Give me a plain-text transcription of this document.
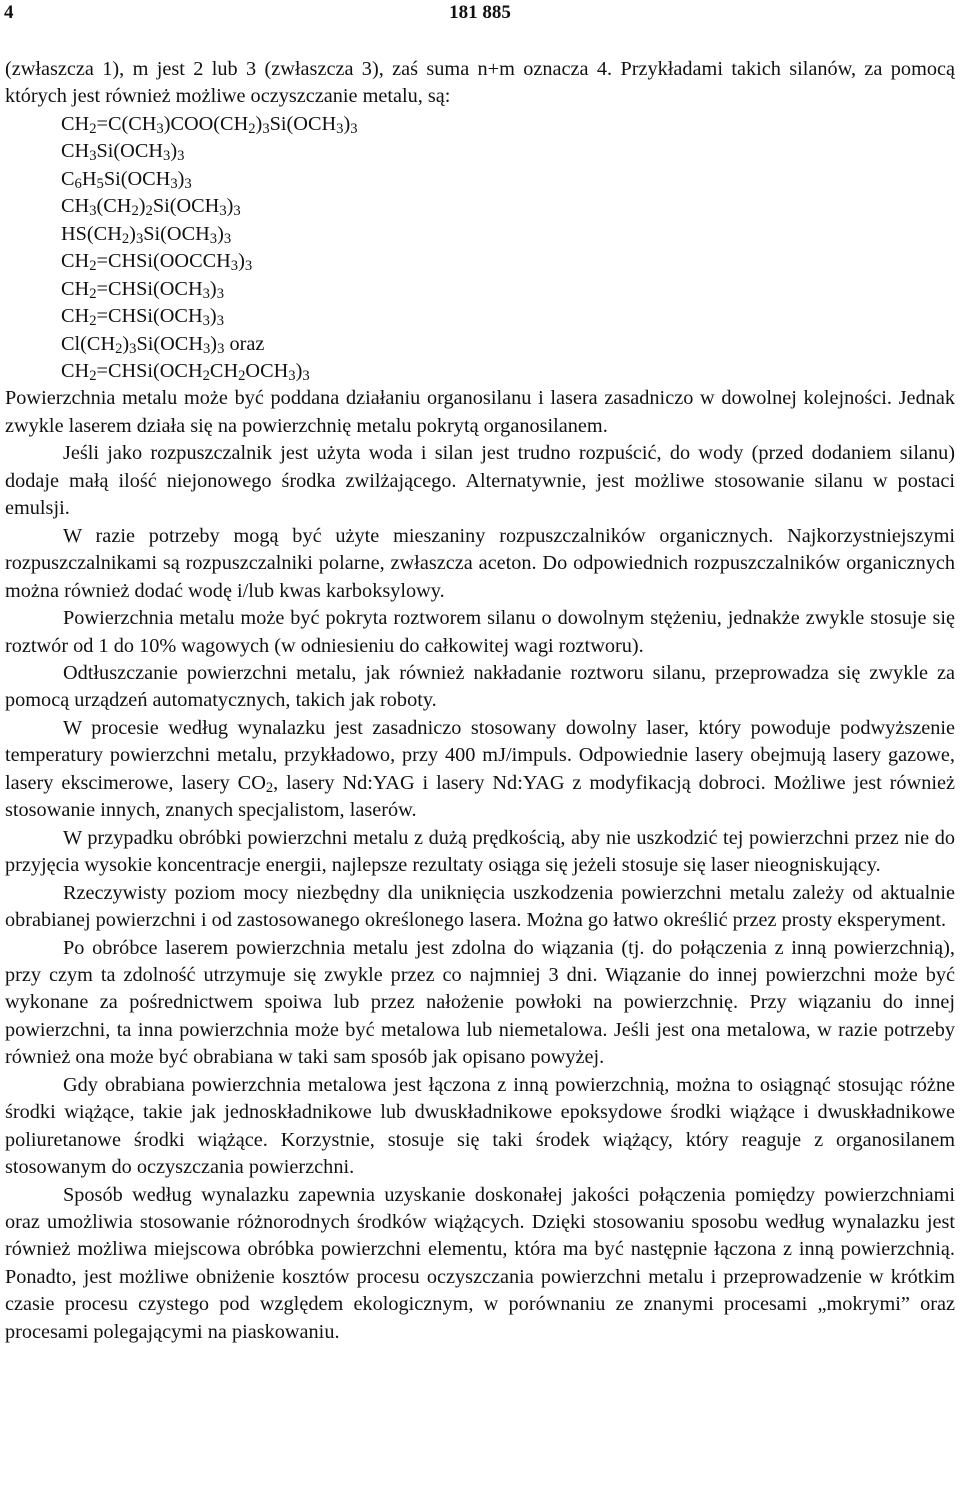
4	181 885

(zwłaszcza 1), m jest 2 lub 3 (zwłaszcza 3), zaś suma n+m oznacza 4. Przykładami takich silanów, za pomocą których jest również możliwe oczyszczanie metalu, są:

$CH_2=C(CH_3)COO(CH_2)_3Si(OCH_3)_3$
$CH_3Si(OCH_3)_3$
$C_6H_5Si(OCH_3)_3$
$CH_3(CH_2)_2Si(OCH_3)_3$
$HS(CH_2)_3Si(OCH_3)_3$
$CH_2=CHSi(OOCCH_3)_3$
$CH_2=CHSi(OCH_3)_3$
$CH_2=CHSi(OCH_3)_3$
$Cl(CH_2)_3Si(OCH_3)_3$ oraz
$CH_2=CHSi(OCH_2CH_2OCH_3)_3$

Powierzchnia metalu może być poddana działaniu organosilanu i lasera zasadniczo w dowolnej kolejności. Jednak zwykle laserem działa się na powierzchnię metalu pokrytą organosilanem.

Jeśli jako rozpuszczalnik jest użyta woda i silan jest trudno rozpuścić, do wody (przed dodaniem silanu) dodaje małą ilość niejonowego środka zwilżającego. Alternatywnie, jest możliwe stosowanie silanu w postaci emulsji.

W razie potrzeby mogą być użyte mieszaniny rozpuszczalników organicznych. Najkorzystniejszymi rozpuszczalnikami są rozpuszczalniki polarne, zwłaszcza aceton. Do odpowiednich rozpuszczalników organicznych można również dodać wodę i/lub kwas karboksylowy.

Powierzchnia metalu może być pokryta roztworem silanu o dowolnym stężeniu, jednakże zwykle stosuje się roztwór od 1 do 10% wagowych (w odniesieniu do całkowitej wagi roztworu).

Odtłuszczanie powierzchni metalu, jak również nakładanie roztworu silanu, przeprowadza się zwykle za pomocą urządzeń automatycznych, takich jak roboty.

W procesie według wynalazku jest zasadniczo stosowany dowolny laser, który powoduje podwyższenie temperatury powierzchni metalu, przykładowo, przy 400 mJ/impuls. Odpowiednie lasery obejmują lasery gazowe, lasery ekscimerowe, lasery $CO_2$, lasery Nd:YAG i lasery Nd:YAG z modyfikacją dobroci. Możliwe jest również stosowanie innych, znanych specjalistom, laserów.

W przypadku obróbki powierzchni metalu z dużą prędkością, aby nie uszkodzić tej powierzchni przez nie do przyjęcia wysokie koncentracje energii, najlepsze rezultaty osiąga się jeżeli stosuje się laser nieogniskujący.

Rzeczywisty poziom mocy niezbędny dla uniknięcia uszkodzenia powierzchni metalu zależy od aktualnie obrabianej powierzchni i od zastosowanego określonego lasera. Można go łatwo określić przez prosty eksperyment.

Po obróbce laserem powierzchnia metalu jest zdolna do wiązania (tj. do połączenia z inną powierzchnią), przy czym ta zdolność utrzymuje się zwykle przez co najmniej 3 dni. Wiązanie do innej powierzchni może być wykonane za pośrednictwem spoiwa lub przez nałożenie powłoki na powierzchnię. Przy wiązaniu do innej powierzchni, ta inna powierzchnia może być metalowa lub niemetalowa. Jeśli jest ona metalowa, w razie potrzeby również ona może być obrabiana w taki sam sposób jak opisano powyżej.

Gdy obrabiana powierzchnia metalowa jest łączona z inną powierzchnią, można to osiągnąć stosując różne środki wiążące, takie jak jednoskładnikowe lub dwuskładnikowe epoksydowe środki wiążące i dwuskładnikowe poliuretanowe środki wiążące. Korzystnie, stosuje się taki środek wiążący, który reaguje z organosilanem stosowanym do oczyszczania powierzchni.

Sposób według wynalazku zapewnia uzyskanie doskonałej jakości połączenia pomiędzy powierzchniami oraz umożliwia stosowanie różnorodnych środków wiążących. Dzięki stosowaniu sposobu według wynalazku jest również możliwa miejscowa obróbka powierzchni elementu, która ma być następnie łączona z inną powierzchnią. Ponadto, jest możliwe obniżenie kosztów procesu oczyszczania powierzchni metalu i przeprowadzenie w krótkim czasie procesu czystego pod względem ekologicznym, w porównaniu ze znanymi procesami „mokrymi” oraz procesami polegającymi na piaskowaniu.
